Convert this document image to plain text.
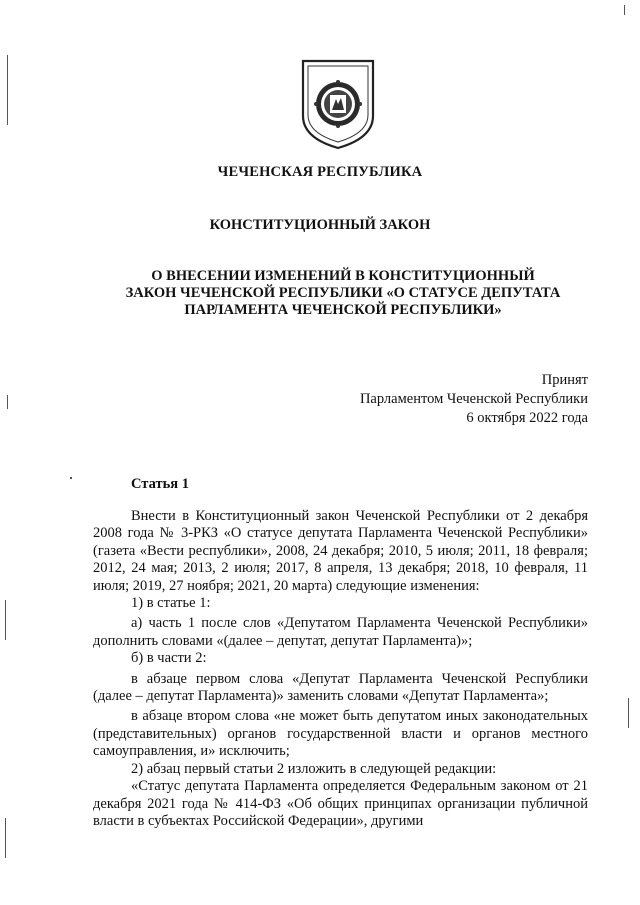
ЧЕЧЕНСКАЯ РЕСПУБЛИКА
КОНСТИТУЦИОННЫЙ ЗАКОН
О ВНЕСЕНИИ ИЗМЕНЕНИЙ В КОНСТИТУЦИОННЫЙ
ЗАКОН ЧЕЧЕНСКОЙ РЕСПУБЛИКИ «О СТАТУСЕ ДЕПУТАТА
ПАРЛАМЕНТА ЧЕЧЕНСКОЙ РЕСПУБЛИКИ»
Принят
Парламентом Чеченской Республики
6 октября 2022 года
Статья 1

Внести в Конституционный закон Чеченской Республики от 2 декабря 2008 года № 3-РКЗ «О статусе депутата Парламента Чеченской Республики» (газета «Вести республики», 2008, 24 декабря; 2010, 5 июля; 2011, 18 февраля; 2012, 24 мая; 2013, 2 июля; 2017, 8 апреля, 13 декабря; 2018, 10 февраля, 11 июля; 2019, 27 ноября; 2021, 20 марта) следующие изменения:

1) в статье 1:

а) часть 1 после слов «Депутатом Парламента Чеченской Республики» дополнить словами «(далее – депутат, депутат Парламента)»;

б) в части 2:

в абзаце первом слова «Депутат Парламента Чеченской Республики (далее – депутат Парламента)» заменить словами «Депутат Парламента»;

в абзаце втором слова «не может быть депутатом иных законодательных (представительных) органов государственной власти и органов местного самоуправления, и» исключить;

2) абзац первый статьи 2 изложить в следующей редакции:

«Статус депутата Парламента определяется Федеральным законом от 21 декабря 2021 года № 414-ФЗ «Об общих принципах организации публичной власти в субъектах Российской Федерации», другими
